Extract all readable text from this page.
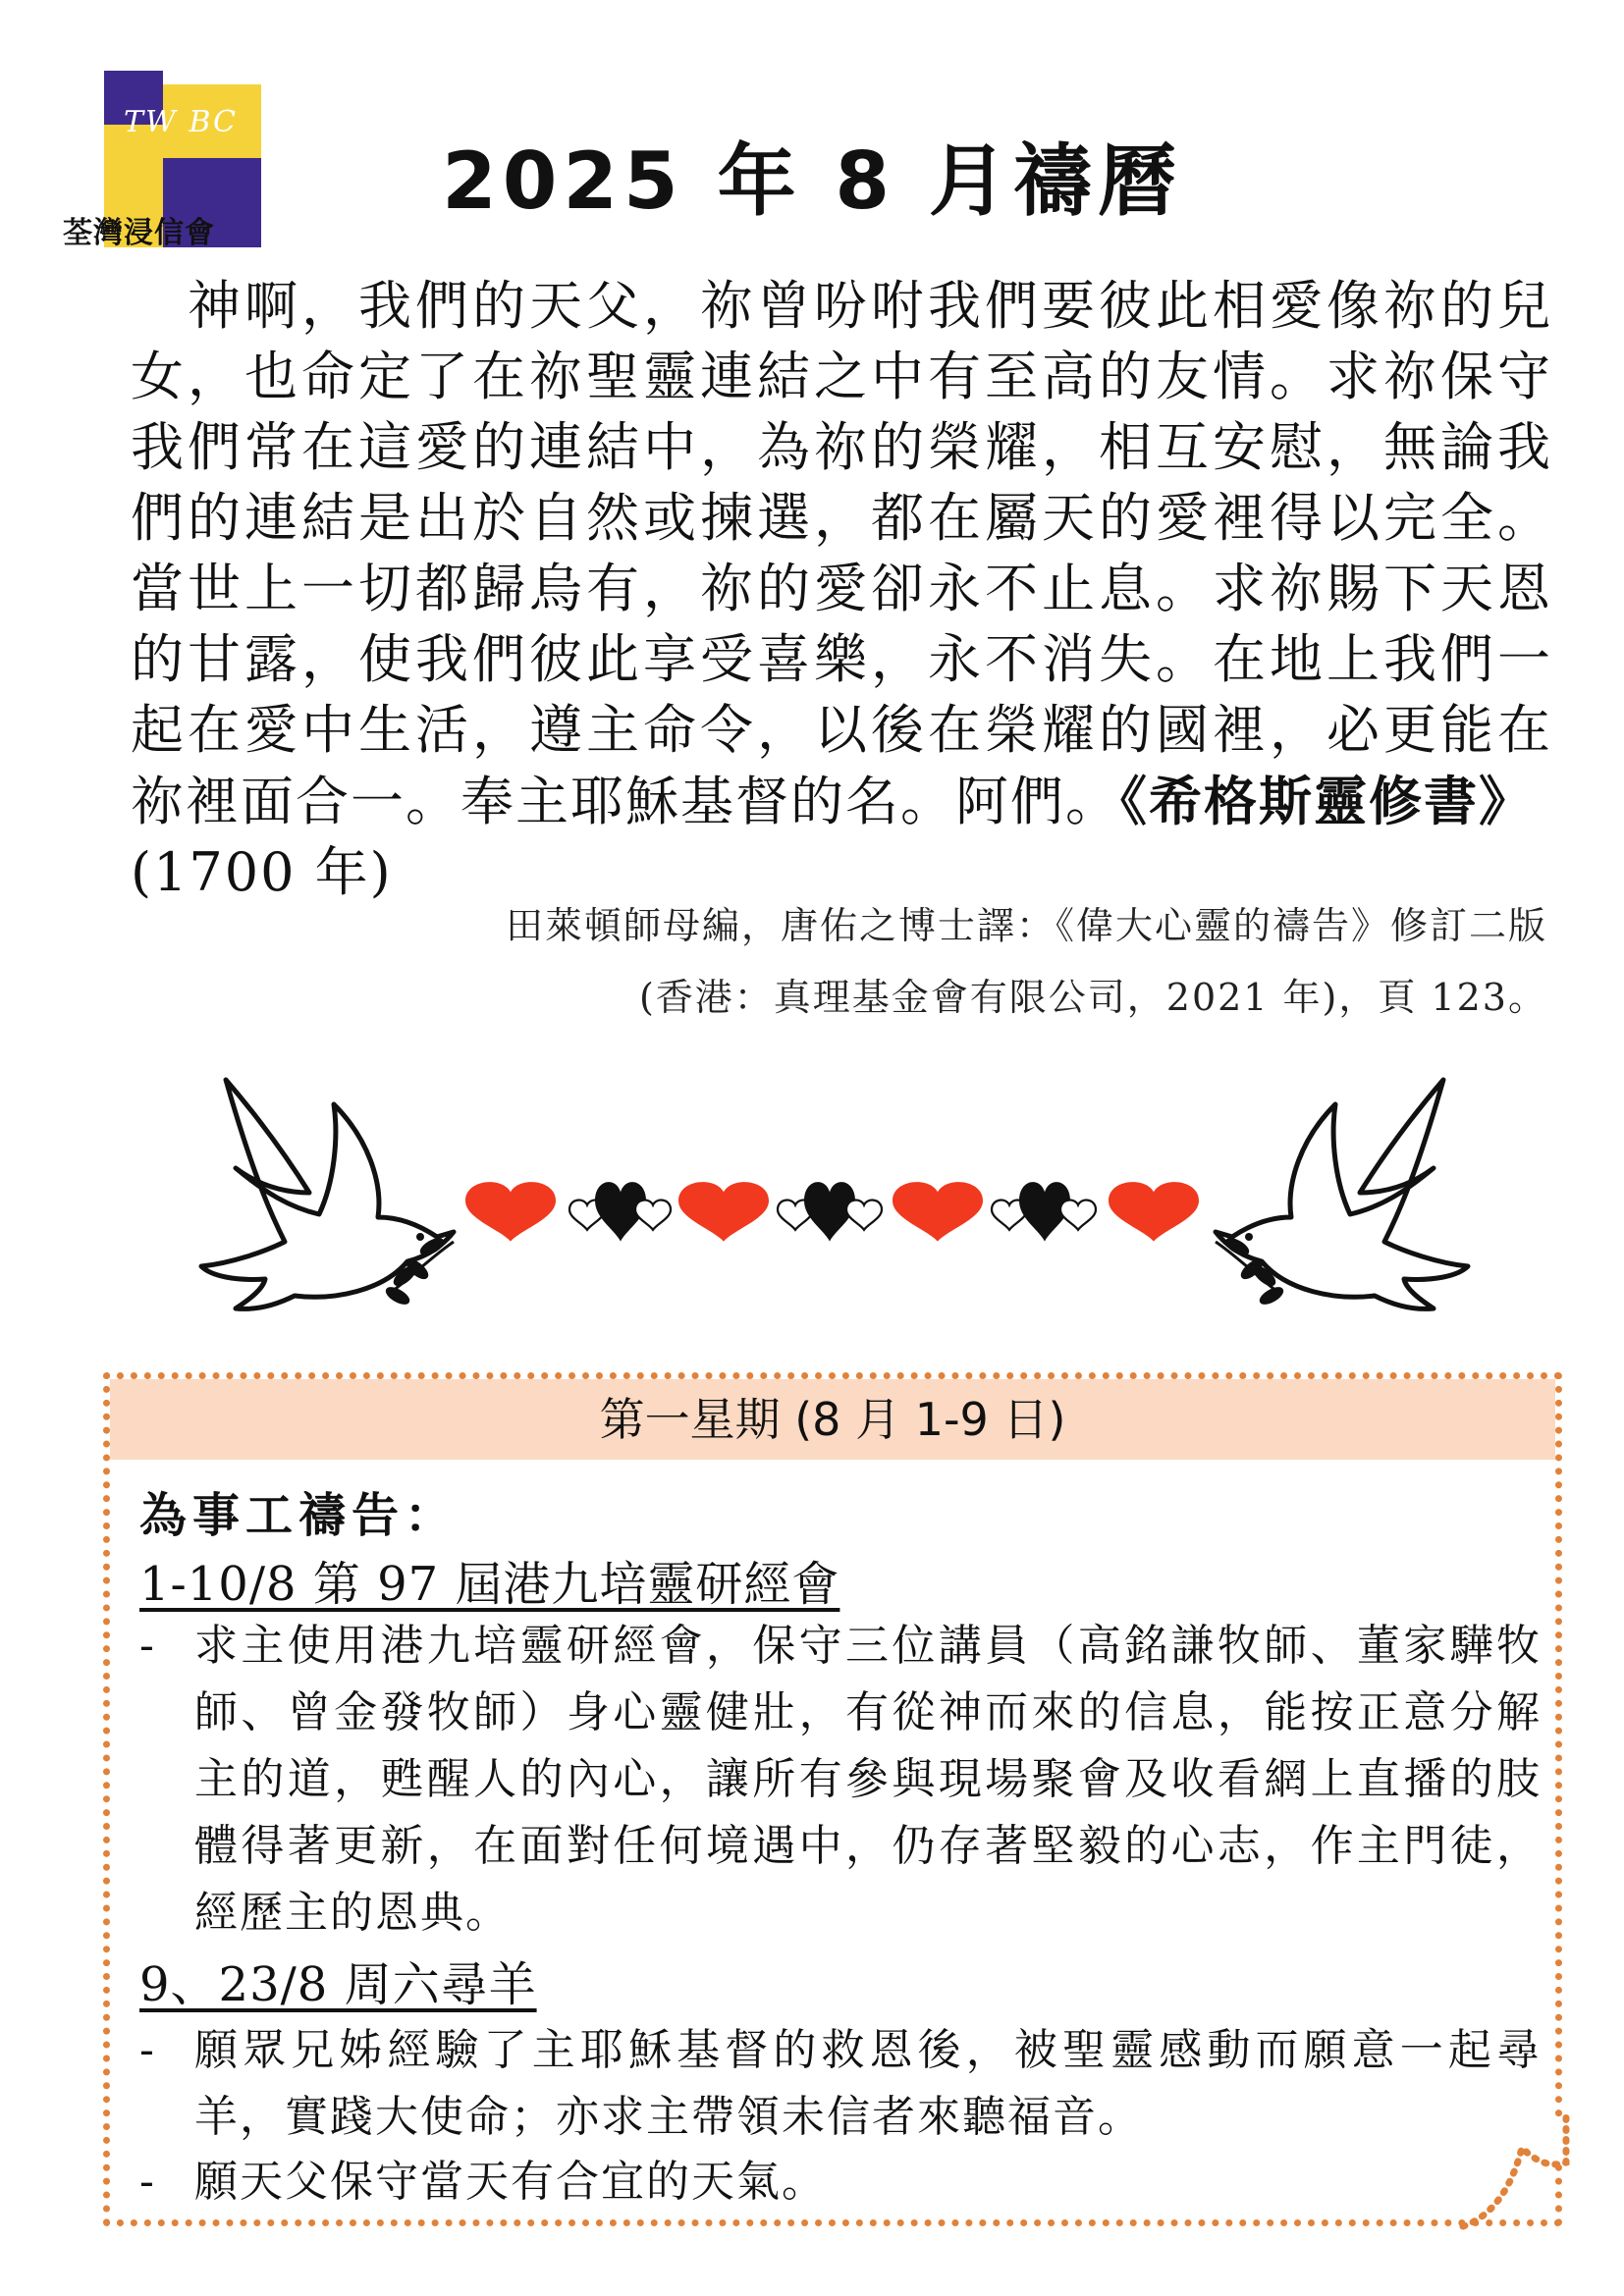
TW BC
荃灣浸信會
2025 年 8 月禱曆
　神啊，我們的天父，祢曾吩咐我們要彼此相愛像祢的兒女，也命定了在祢聖靈連結之中有至高的友情。求祢保守我們常在這愛的連結中，為祢的榮耀，相互安慰，無論我們的連結是出於自然或揀選，都在屬天的愛裡得以完全。當世上一切都歸烏有，祢的愛卻永不止息。求祢賜下天恩的甘露，使我們彼此享受喜樂，永不消失。在地上我們一起在愛中生活，遵主命令，以後在榮耀的國裡，必更能在祢裡面合一。奉主耶穌基督的名。阿們。《希格斯靈修書》
(1700 年)
田萊頓師母編，唐佑之博士譯：《偉大心靈的禱告》修訂二版
(香港：真理基金會有限公司，2021 年)，頁 123。
第一星期 (8 月 1-9 日)
為事工禱告：
1-10/8 第 97 屆港九培靈研經會
- 求主使用港九培靈研經會，保守三位講員（高銘謙牧師、董家驊牧師、曾金發牧師）身心靈健壯，有從神而來的信息，能按正意分解主的道，甦醒人的內心，讓所有參與現場聚會及收看網上直播的肢體得著更新，在面對任何境遇中，仍存著堅毅的心志，作主門徒，經歷主的恩典。
9、23/8 周六尋羊
- 願眾兄姊經驗了主耶穌基督的救恩後，被聖靈感動而願意一起尋羊，實踐大使命；亦求主帶領未信者來聽福音。
- 願天父保守當天有合宜的天氣。
